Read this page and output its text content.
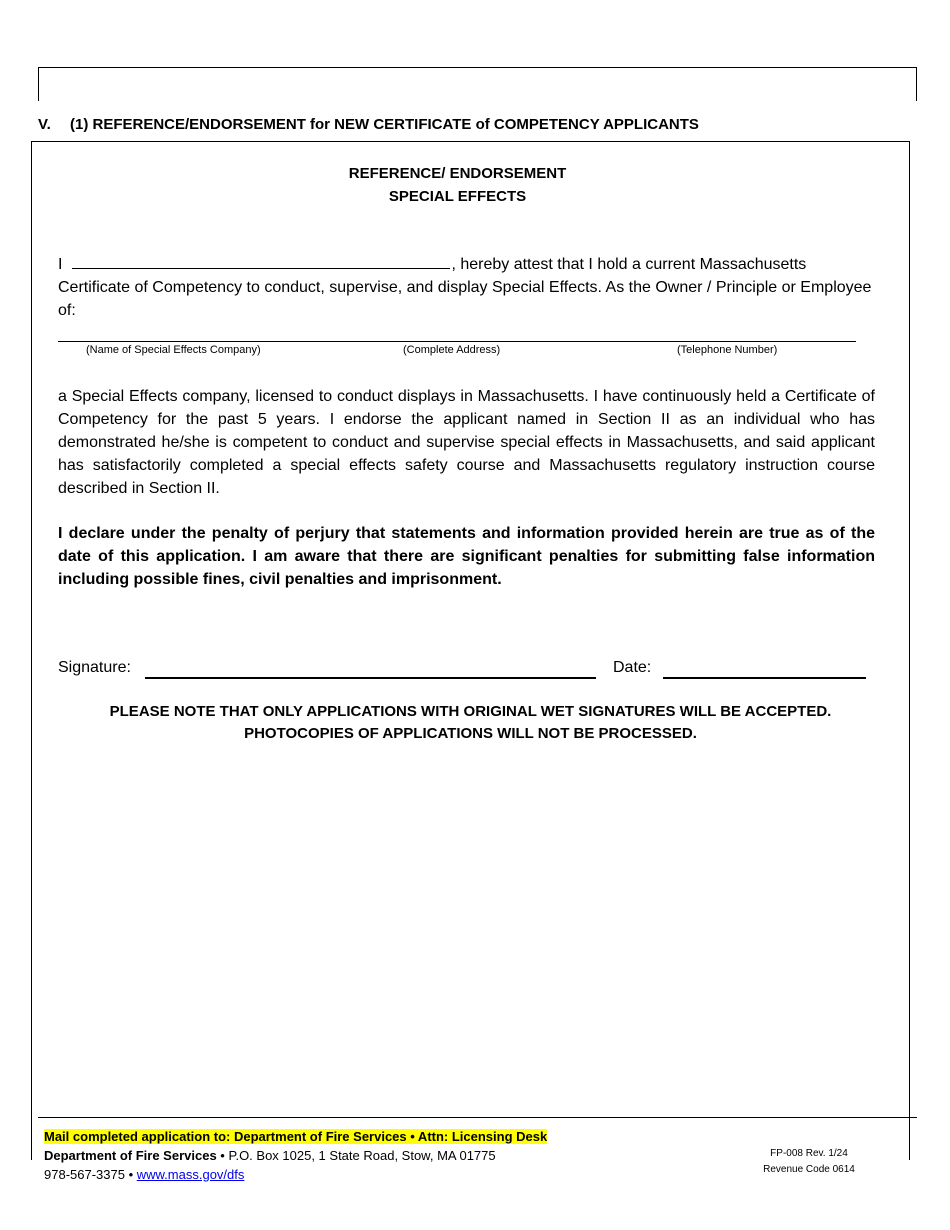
V. (1) REFERENCE/ENDORSEMENT for NEW CERTIFICATE of COMPETENCY APPLICANTS
REFERENCE/ ENDORSEMENT
SPECIAL EFFECTS
I	, hereby attest that I hold a current Massachusetts Certificate of Competency to conduct, supervise, and display Special Effects. As the Owner / Principle or Employee of:
(Name of Special Effects Company)	(Complete Address)	(Telephone Number)
a Special Effects company, licensed to conduct displays in Massachusetts. I have continuously held a Certificate of Competency for the past 5 years. I endorse the applicant named in Section II as an individual who has demonstrated he/she is competent to conduct and supervise special effects in Massachusetts, and said applicant has satisfactorily completed a special effects safety course and Massachusetts regulatory instruction course described in Section II.
I declare under the penalty of perjury that statements and information provided herein are true as of the date of this application. I am aware that there are significant penalties for submitting false information including possible fines, civil penalties and imprisonment.
Signature:	Date:
PLEASE NOTE THAT ONLY APPLICATIONS WITH ORIGINAL WET SIGNATURES WILL BE ACCEPTED.
PHOTOCOPIES OF APPLICATIONS WILL NOT BE PROCESSED.
Mail completed application to: Department of Fire Services • Attn: Licensing Desk
Department of Fire Services • P.O. Box 1025, 1 State Road, Stow, MA 01775
978-567-3375 • www.mass.gov/dfs
FP-008 Rev. 1/24
Revenue Code 0614
